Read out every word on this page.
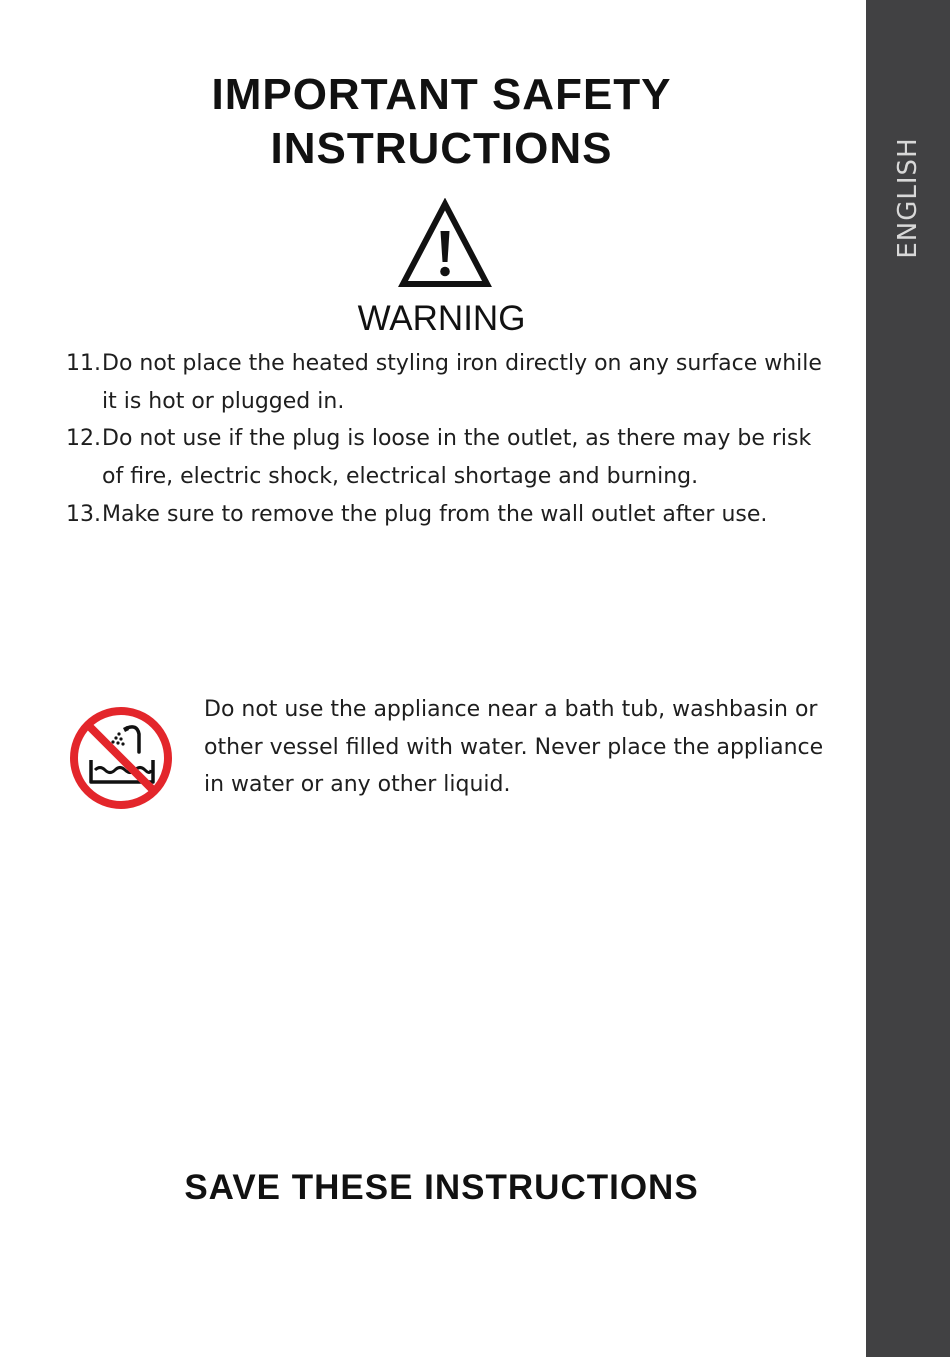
IMPORTANT SAFETY
INSTRUCTIONS
WARNING
11. Do not place the heated styling iron directly on any surface while it is hot or plugged in.
12. Do not use if the plug is loose in the outlet, as there may be risk of fire, electric shock, electrical shortage and burning.
13. Make sure to remove the plug from the wall outlet after use.

Do not use the appliance near a bath tub, washbasin or other vessel filled with water. Never place the appliance in water or any other liquid.

SAVE THESE INSTRUCTIONS
ENGLISH
